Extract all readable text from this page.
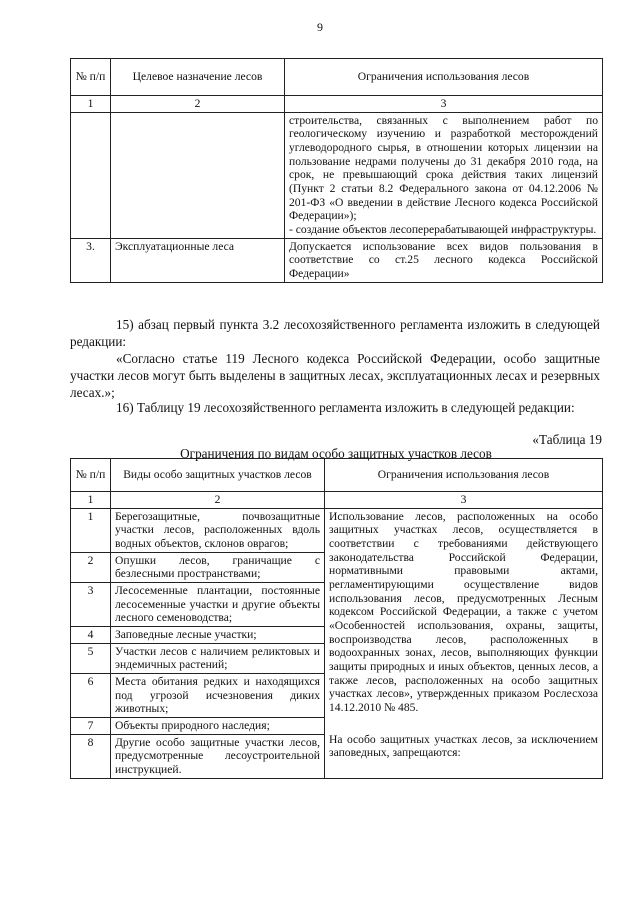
9
№ п/п	Целевое назначение лесов	Ограничения использования лесов
1	2	3

		строительства, связанных с выполнением работ по геологическому изучению и разработкой месторождений углеводородного сырья, в отношении которых лицензии на пользование недрами получены до 31 декабря 2010 года, на срок, не превышающий срока действия таких лицензий (Пункт 2 статьи 8.2 Федерального закона от 04.12.2006 № 201-ФЗ «О введении в действие Лесного кодекса Российской Федерации»);
- создание объектов лесоперерабатывающей инфраструктуры.

3.	Эксплуатационные леса	Допускается использование всех видов пользования в соответствие со ст.25 лесного кодекса Российской Федерации»

15) абзац первый пункта 3.2 лесохозяйственного регламента изложить в следующей редакции:

«Согласно статье 119 Лесного кодекса Российской Федерации, особо защитные участки лесов могут быть выделены в защитных лесах, эксплуатационных лесах и резервных лесах.»;

16) Таблицу 19 лесохозяйственного регламента изложить в следующей редакции:

«Таблица 19
Ограничения по видам особо защитных участков лесов
№ п/п	Виды особо защитных участков лесов	Ограничения использования лесов
1	2	3
1	Берегозащитные, почвозащитные участки лесов, расположенных вдоль водных объектов, склонов оврагов;	Использование лесов, расположенных на особо защитных участках лесов, осуществляется в соответствии с требованиями действующего законодательства Российской Федерации, нормативными правовыми актами, регламентирующими осуществление видов использования лесов, предусмотренных Лесным кодексом Российской Федерации, а также с учетом «Особенностей использования, охраны, защиты, воспроизводства лесов, расположенных в водоохранных зонах, лесов, выполняющих функции защиты природных и иных объектов, ценных лесов, а также лесов, расположенных на особо защитных участках лесов», утвержденных приказом Рослесхоза 14.12.2010 № 485.
На особо защитных участках лесов, за исключением заповедных, запрещаются:

2	Опушки лесов, граничащие с безлесными пространствами;	
3	Лесосеменные плантации, постоянные лесосеменные участки и другие объекты лесного семеноводства;	
4	Заповедные лесные участки;	
5	Участки лесов с наличием реликтовых и эндемичных растений;	
6	Места обитания редких и находящихся под угрозой исчезновения диких животных;	
7	Объекты природного наследия;	
8	Другие особо защитные участки лесов, предусмотренные лесоустроительной инструкцией.	
